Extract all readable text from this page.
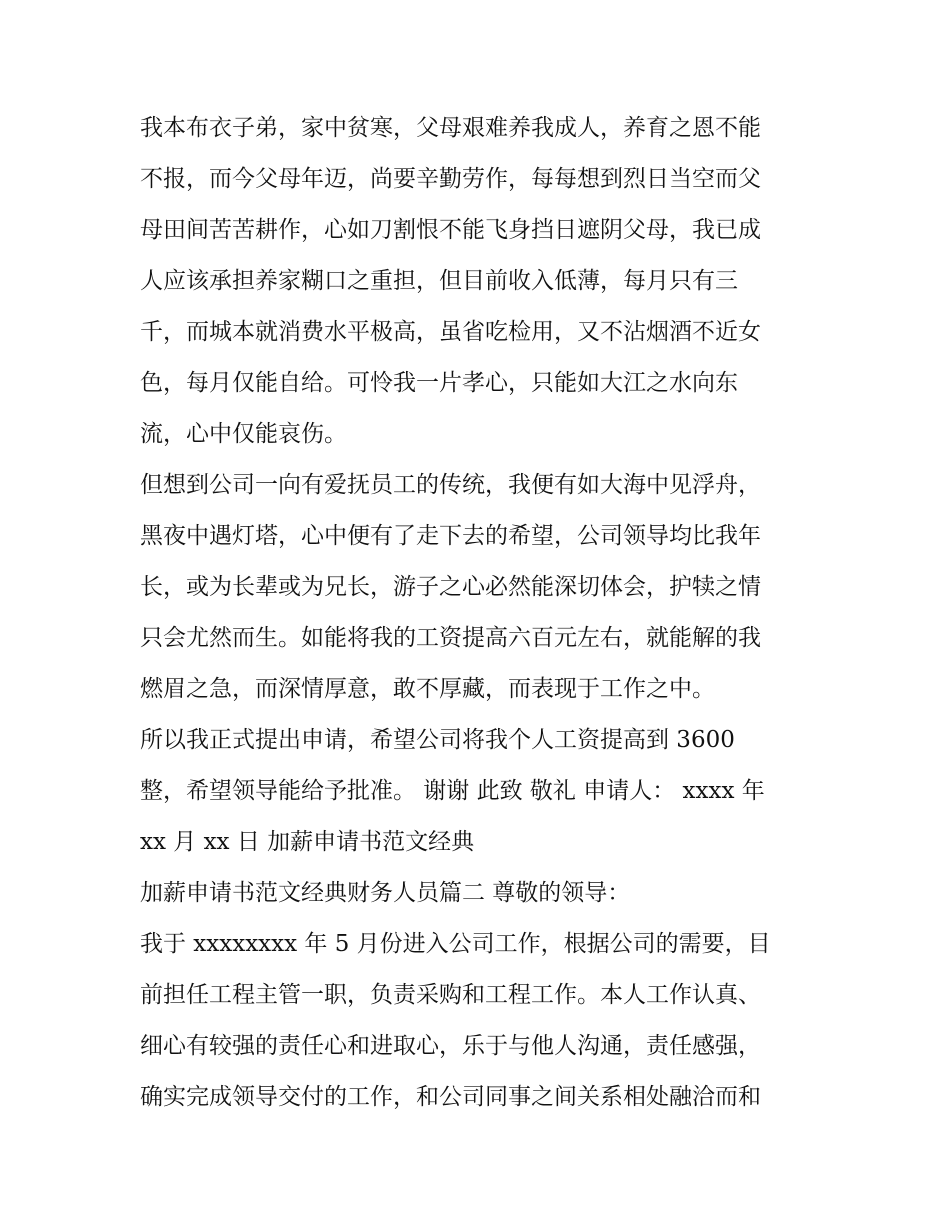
我本布衣子弟，家中贫寒，父母艰难养我成人，养育之恩不能
不报，而今父母年迈，尚要辛勤劳作，每每想到烈日当空而父
母田间苦苦耕作，心如刀割恨不能飞身挡日遮阴父母，我已成
人应该承担养家糊口之重担，但目前收入低薄，每月只有三
千，而城本就消费水平极高，虽省吃检用，又不沾烟酒不近女
色，每月仅能自给。可怜我一片孝心，只能如大江之水向东
流，心中仅能哀伤。
但想到公司一向有爱抚员工的传统，我便有如大海中见浮舟，
黑夜中遇灯塔，心中便有了走下去的希望，公司领导均比我年
长，或为长辈或为兄长，游子之心必然能深切体会，护犊之情
只会尤然而生。如能将我的工资提高六百元左右，就能解的我
燃眉之急，而深情厚意，敢不厚藏，而表现于工作之中。
所以我正式提出申请，希望公司将我个人工资提高到 3600
整，希望领导能给予批准。 谢谢 此致 敬礼 申请人： xxxx 年
xx 月 xx 日 加薪申请书范文经典
加薪申请书范文经典财务人员篇二 尊敬的领导：
我于 xxxxxxxx 年 5 月份进入公司工作，根据公司的需要，目
前担任工程主管一职，负责采购和工程工作。本人工作认真、
细心有较强的责任心和进取心，乐于与他人沟通，责任感强，
确实完成领导交付的工作，和公司同事之间关系相处融洽而和
